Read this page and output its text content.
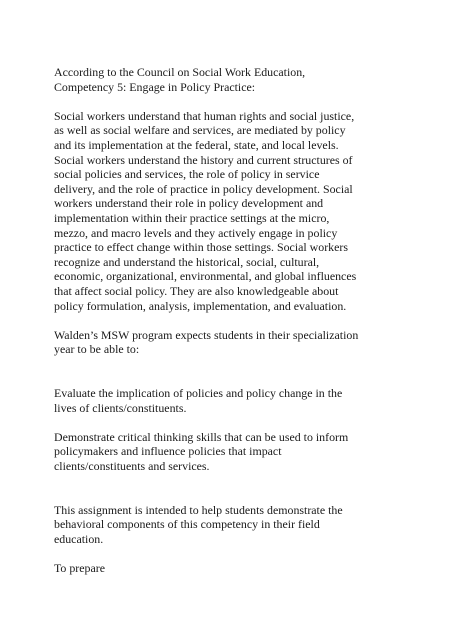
According to the Council on Social Work Education,
Competency 5: Engage in Policy Practice:

Social workers understand that human rights and social justice,
as well as social welfare and services, are mediated by policy
and its implementation at the federal, state, and local levels.
Social workers understand the history and current structures of
social policies and services, the role of policy in service
delivery, and the role of practice in policy development. Social
workers understand their role in policy development and
implementation within their practice settings at the micro,
mezzo, and macro levels and they actively engage in policy
practice to effect change within those settings. Social workers
recognize and understand the historical, social, cultural,
economic, organizational, environmental, and global influences
that affect social policy. They are also knowledgeable about
policy formulation, analysis, implementation, and evaluation.

Walden’s MSW program expects students in their specialization
year to be able to:

Evaluate the implication of policies and policy change in the
lives of clients/constituents.

Demonstrate critical thinking skills that can be used to inform
policymakers and influence policies that impact
clients/constituents and services.

This assignment is intended to help students demonstrate the
behavioral components of this competency in their field
education.

To prepare
